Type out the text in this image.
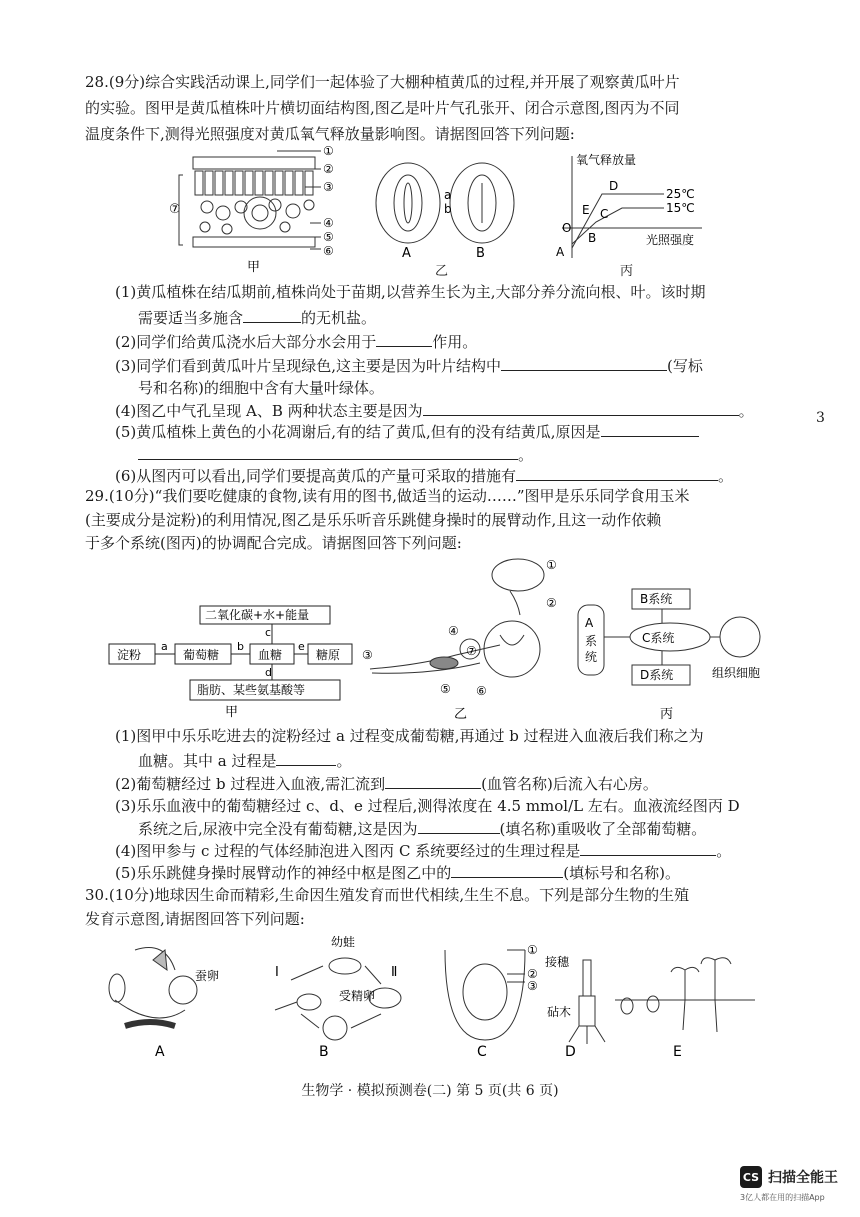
28.(9分)综合实践活动课上,同学们一起体验了大棚种植黄瓜的过程,并开展了观察黄瓜叶片
的实验。图甲是黄瓜植株叶片横切面结构图,图乙是叶片气孔张开、闭合示意图,图丙为不同
温度条件下,测得光照强度对黄瓜氧气释放量影响图。请据图回答下列问题:
⑦
①
②
③
④
⑤
⑥
甲
a
b
A	B
乙
氧气释放量
光照强度
25℃
15℃
D
E C
O
B
A
丙
(1)黄瓜植株在结瓜期前,植株尚处于苗期,以营养生长为主,大部分养分流向根、叶。该时期
需要适当多施含	的无机盐。
(2)同学们给黄瓜浇水后大部分水会用于	作用。
(3)同学们看到黄瓜叶片呈现绿色,这主要是因为叶片结构中	(写标
号和名称)的细胞中含有大量叶绿体。
(4)图乙中气孔呈现 A、B 两种状态主要是因为	。
(5)黄瓜植株上黄色的小花凋谢后,有的结了黄瓜,但有的没有结黄瓜,原因是
。
(6)从图丙可以看出,同学们要提高黄瓜的产量可采取的措施有	。
3
29.(10分)“我们要吃健康的食物,读有用的图书,做适当的运动……”图甲是乐乐同学食用玉米
(主要成分是淀粉)的利用情况,图乙是乐乐听音乐跳健身操时的展臂动作,且这一动作依赖
于多个系统(图丙)的协调配合完成。请据图回答下列问题:
二氧化碳+水+能量
淀粉	葡萄糖	血糖	糖原
脂肪、某些氨基酸等
a	b
c
d
e
甲
①
②
③
④
⑤ ⑥
⑦
乙
B系统
C系统
D系统
A
系
统
组织细胞
丙
(1)图甲中乐乐吃进去的淀粉经过 a 过程变成葡萄糖,再通过 b 过程进入血液后我们称之为
血糖。其中 a 过程是	。
(2)葡萄糖经过 b 过程进入血液,需汇流到	(血管名称)后流入右心房。
(3)乐乐血液中的葡萄糖经过 c、d、e 过程后,测得浓度在 4.5 mmol/L 左右。血液流经图丙 D
系统之后,尿液中完全没有葡萄糖,这是因为	(填名称)重吸收了全部葡萄糖。
(4)图甲参与 c 过程的气体经肺泡进入图丙 C 系统要经过的生理过程是	。
(5)乐乐跳健身操时展臂动作的神经中枢是图乙中的	(填标号和名称)。
30.(10分)地球因生命而精彩,生命因生殖发育而世代相续,生生不息。下列是部分生物的生殖
发育示意图,请据图回答下列问题:
蚕卵
A
幼蛙
I	Ⅱ
受精卵
B
①
②
③
C
接穗
砧木
D	E
生物学 · 模拟预测卷(二) 第 5 页(共 6 页)
CS 扫描全能王
3亿人都在用的扫描App
